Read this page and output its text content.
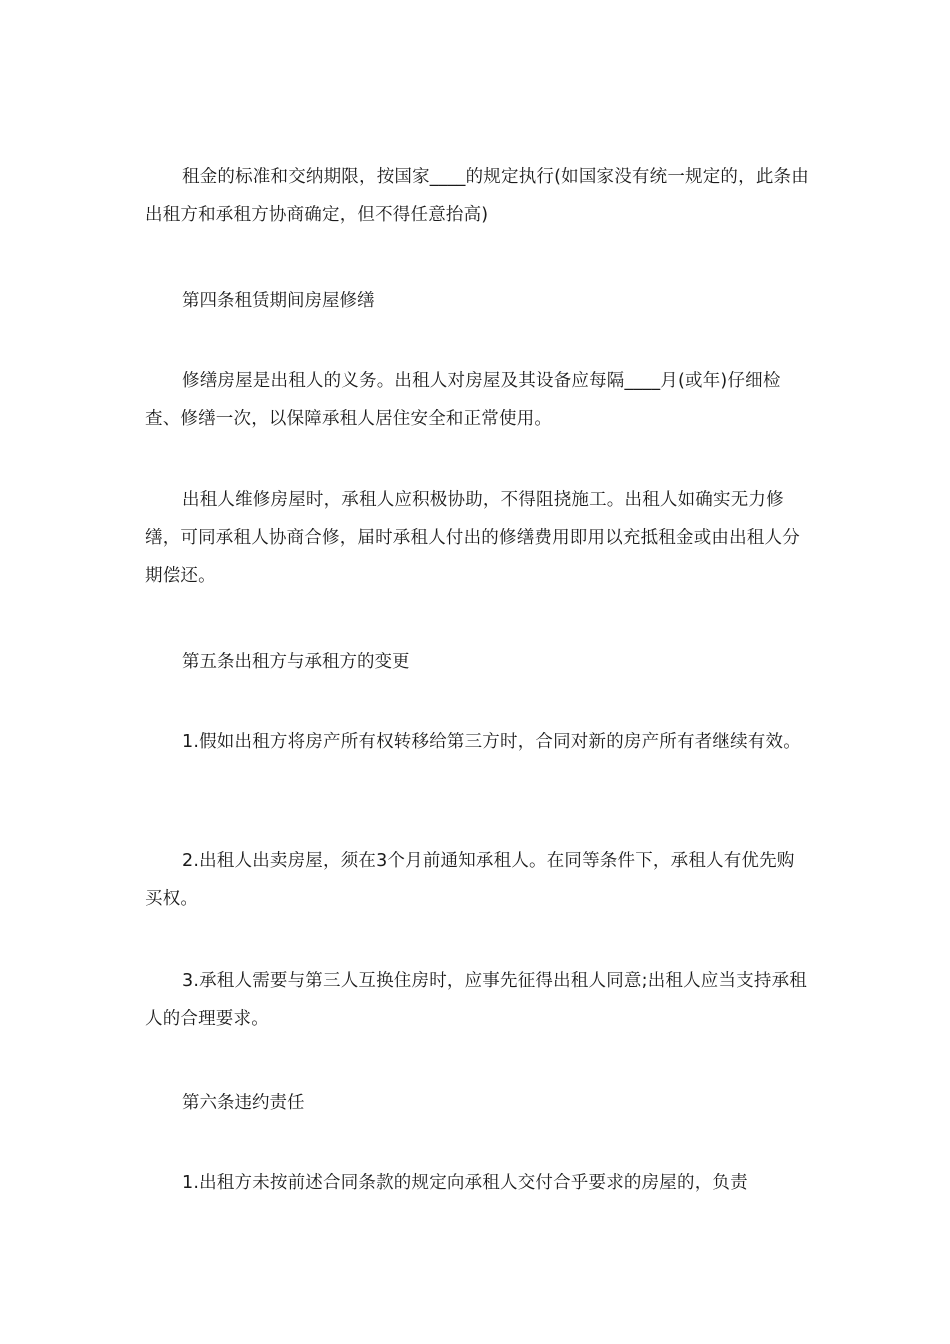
租金的标准和交纳期限，按国家____的规定执行(如国家没有统一规定的，此条由出租方和承租方协商确定，但不得任意抬高)

第四条租赁期间房屋修缮

修缮房屋是出租人的义务。出租人对房屋及其设备应每隔____月(或年)仔细检查、修缮一次，以保障承租人居住安全和正常使用。

出租人维修房屋时，承租人应积极协助，不得阻挠施工。出租人如确实无力修缮，可同承租人协商合修，届时承租人付出的修缮费用即用以充抵租金或由出租人分期偿还。

第五条出租方与承租方的变更

1.假如出租方将房产所有权转移给第三方时，合同对新的房产所有者继续有效。

2.出租人出卖房屋，须在3个月前通知承租人。在同等条件下，承租人有优先购买权。

3.承租人需要与第三人互换住房时，应事先征得出租人同意;出租人应当支持承租人的合理要求。

第六条违约责任

1.出租方未按前述合同条款的规定向承租人交付合乎要求的房屋的，负责
